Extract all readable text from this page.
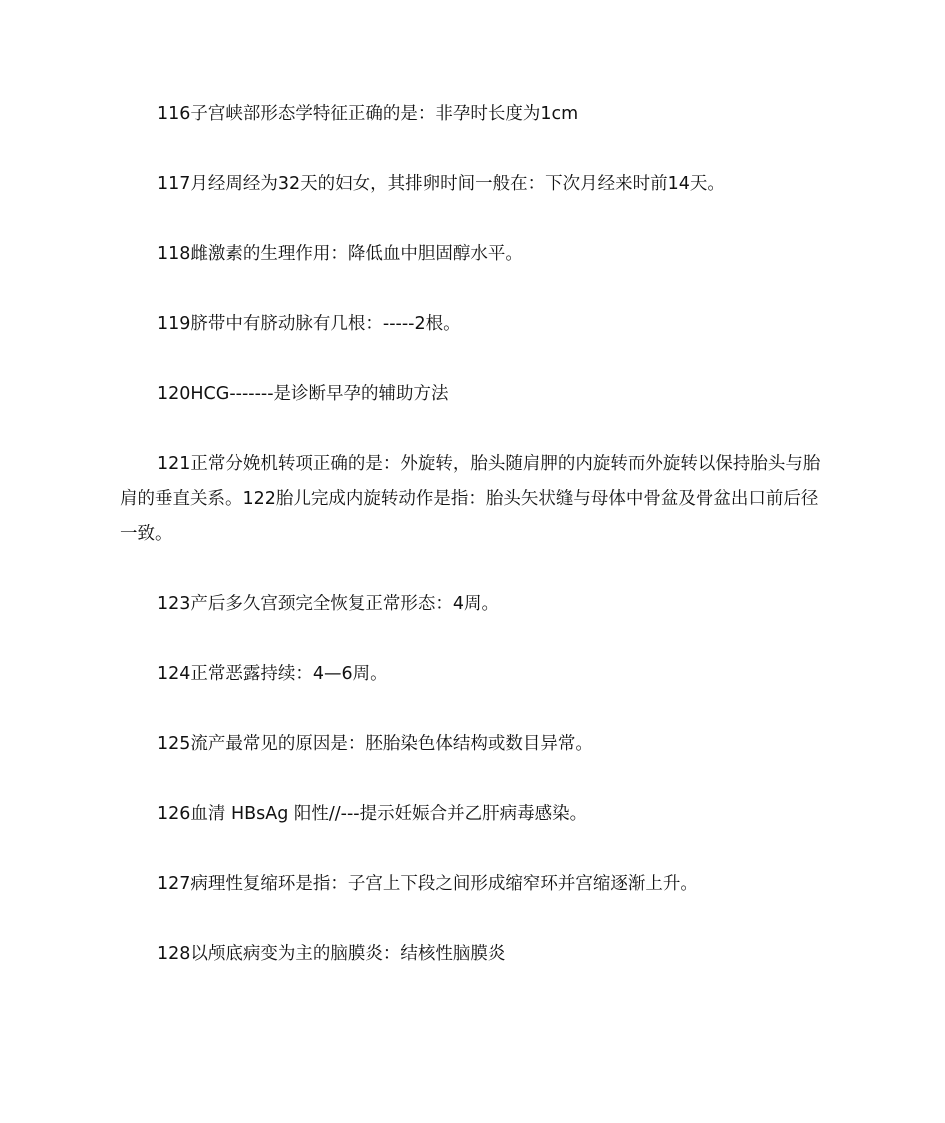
116子宫峡部形态学特征正确的是：非孕时长度为1cm

117月经周经为32天的妇女，其排卵时间一般在：下次月经来时前14天。

118雌激素的生理作用：降低血中胆固醇水平。

119脐带中有脐动脉有几根：-----2根。

120HCG-------是诊断早孕的辅助方法

121正常分娩机转项正确的是：外旋转，胎头随肩胛的内旋转而外旋转以保持胎头与胎肩的垂直关系。122胎儿完成内旋转动作是指：胎头矢状缝与母体中骨盆及骨盆出口前后径一致。

123产后多久宫颈完全恢复正常形态：4周。

124正常恶露持续：4—6周。

125流产最常见的原因是：胚胎染色体结构或数目异常。

126血清 HBsAg 阳性//---提示妊娠合并乙肝病毒感染。

127病理性复缩环是指：子宫上下段之间形成缩窄环并宫缩逐渐上升。

128以颅底病变为主的脑膜炎：结核性脑膜炎
